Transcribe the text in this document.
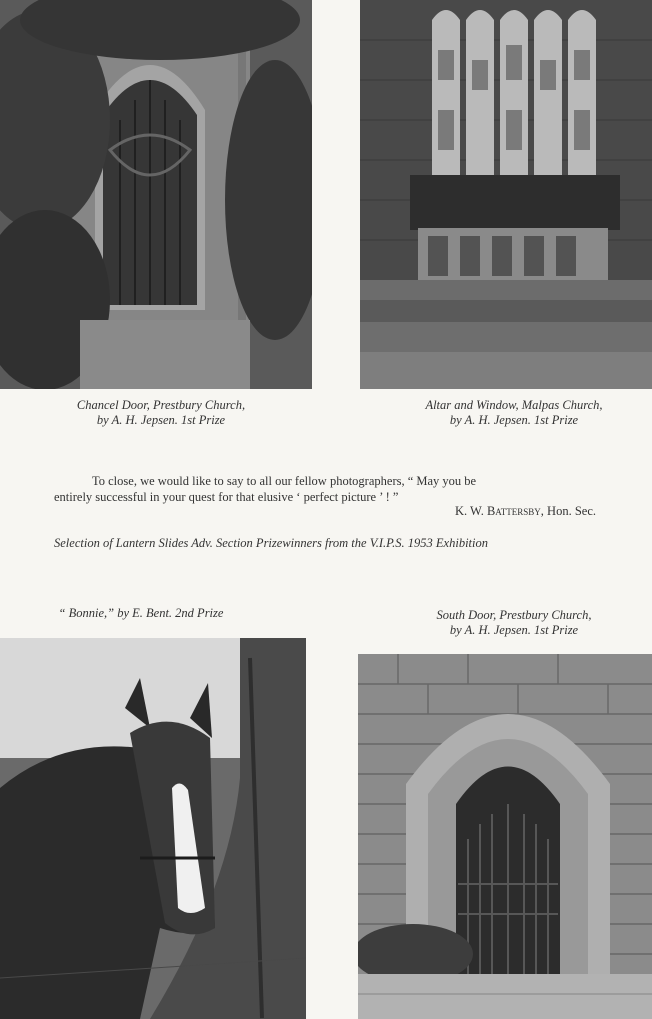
Chancel Door, Prestbury Church,
by A. H. Jepsen. 1st Prize
Altar and Window, Malpas Church,
by A. H. Jepsen. 1st Prize
To close, we would like to say to all our fellow photographers, “ May you be
entirely successful in your quest for that elusive ‘ perfect picture ’ ! ”
K. W. Battersby, Hon. Sec.
Selection of Lantern Slides Adv. Section Prizewinners from the V.I.P.S. 1953 Exhibition
“ Bonnie,” by E. Bent. 2nd Prize	South Door, Prestbury Church,
by A. H. Jepsen. 1st Prize
